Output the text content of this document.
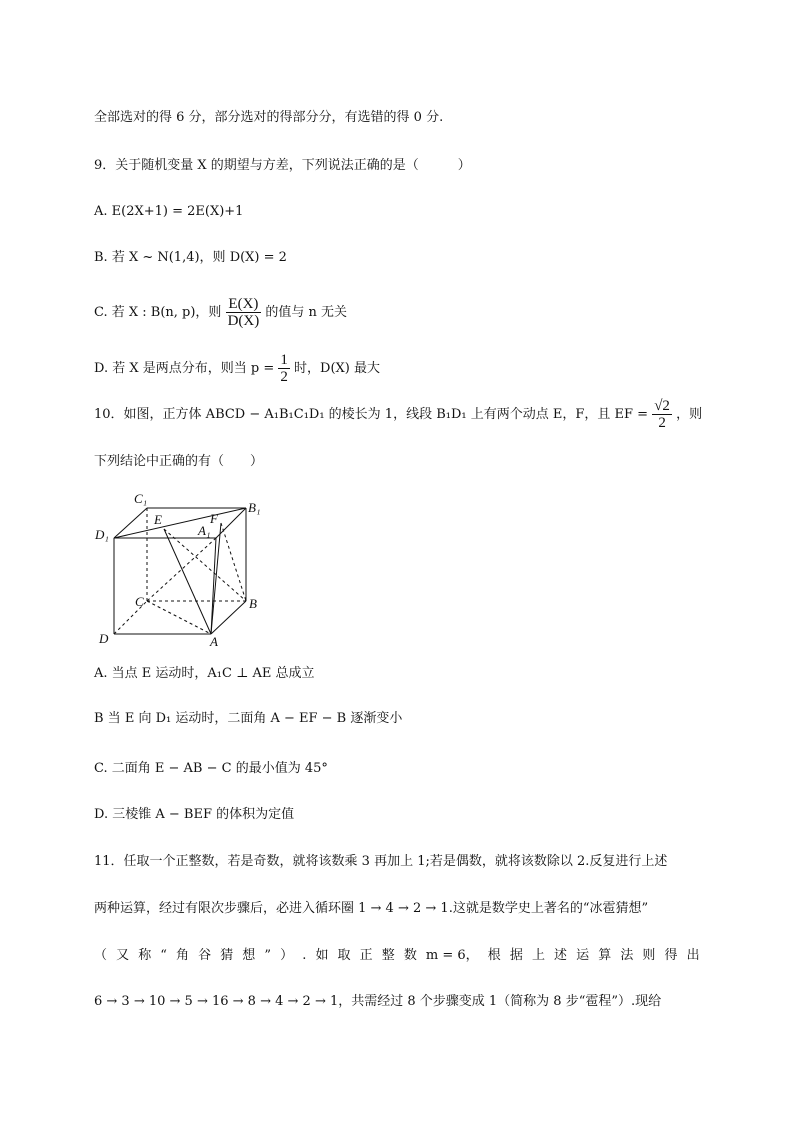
全部选对的得 6 分，部分选对的得部分分，有选错的得 0 分.
9．关于随机变量 X 的期望与方差，下列说法正确的是（　　　）
A. E(2X+1) = 2E(X)+1
B. 若 X ~ N(1,4)，则 D(X) = 2
C. 若 X : B(n, p)，则 $\frac{E(X)}{D(X)}$ 的值与 n 无关
D. 若 X 是两点分布，则当 $p = \frac{1}{2}$ 时，D(X) 最大
10．如图，正方体 ABCD − A₁B₁C₁D₁ 的棱长为 1，线段 B₁D₁ 上有两个动点 E，F，且 EF = $\frac{√2}{2}$ ，则
下列结论中正确的有（　　）
C₁
B₁
D₁
E
A₁
F
C	B
D	A
A. 当点 E 运动时，A₁C ⊥ AE 总成立
B 当 E 向 D₁ 运动时，二面角 A − EF − B 逐渐变小
C. 二面角 E − AB − C 的最小值为 45°
D. 三棱锥 A − BEF 的体积为定值
11．任取一个正整数，若是奇数，就将该数乘 3 再加上 1;若是偶数，就将该数除以 2.反复进行上述
两种运算，经过有限次步骤后，必进入循环圈 1 → 4 → 2 → 1.这就是数学史上著名的“冰雹猜想”
（ 又 称 “ 角 谷 猜 想 ” ） . 如 取 正 整 数 m = 6， 根 据 上 述 运 算 法 则 得 出
6 → 3 → 10 → 5 → 16 → 8 → 4 → 2 → 1，共需经过 8 个步骤变成 1（简称为 8 步“雹程”）.现给
